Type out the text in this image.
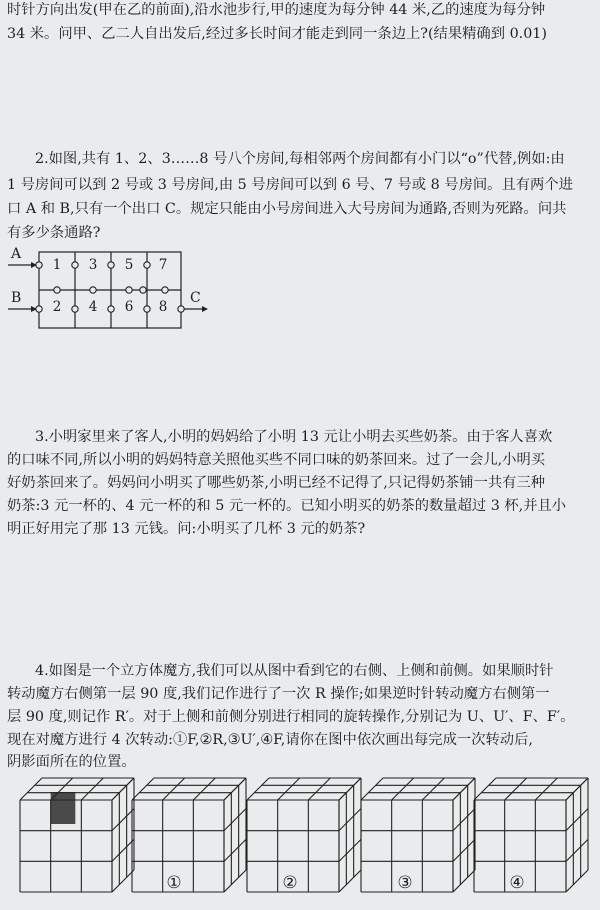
时针方向出发(甲在乙的前面),沿水池步行,甲的速度为每分钟 44 米,乙的速度为每分钟
34 米。问甲、乙二人自出发后,经过多长时间才能走到同一条边上?(结果精确到 0.01)
2.如图,共有 1、2、3……8 号八个房间,每相邻两个房间都有小门以“o”代替,例如:由
1 号房间可以到 2 号或 3 号房间,由 5 号房间可以到 6 号、7 号或 8 号房间。且有两个进
口 A 和 B,只有一个出口 C。规定只能由小号房间进入大号房间为通路,否则为死路。问共
有多少条通路?
A
B	C
1	3	5	7
2	4	6	8
3.小明家里来了客人,小明的妈妈给了小明 13 元让小明去买些奶茶。由于客人喜欢
的口味不同,所以小明的妈妈特意关照他买些不同口味的奶茶回来。过了一会儿,小明买
好奶茶回来了。妈妈问小明买了哪些奶茶,小明已经不记得了,只记得奶茶铺一共有三种
奶茶:3 元一杯的、4 元一杯的和 5 元一杯的。已知小明买的奶茶的数量超过 3 杯,并且小
明正好用完了那 13 元钱。问:小明买了几杯 3 元的奶茶?
4.如图是一个立方体魔方,我们可以从图中看到它的右侧、上侧和前侧。如果顺时针
转动魔方右侧第一层 90 度,我们记作进行了一次 R 操作;如果逆时针转动魔方右侧第一
层 90 度,则记作 R′。对于上侧和前侧分别进行相同的旋转操作,分别记为 U、U′、F、F′。
现在对魔方进行 4 次转动:①F,②R,③U′,④F,请你在图中依次画出每完成一次转动后,
阴影面所在的位置。
①	②	③	④
